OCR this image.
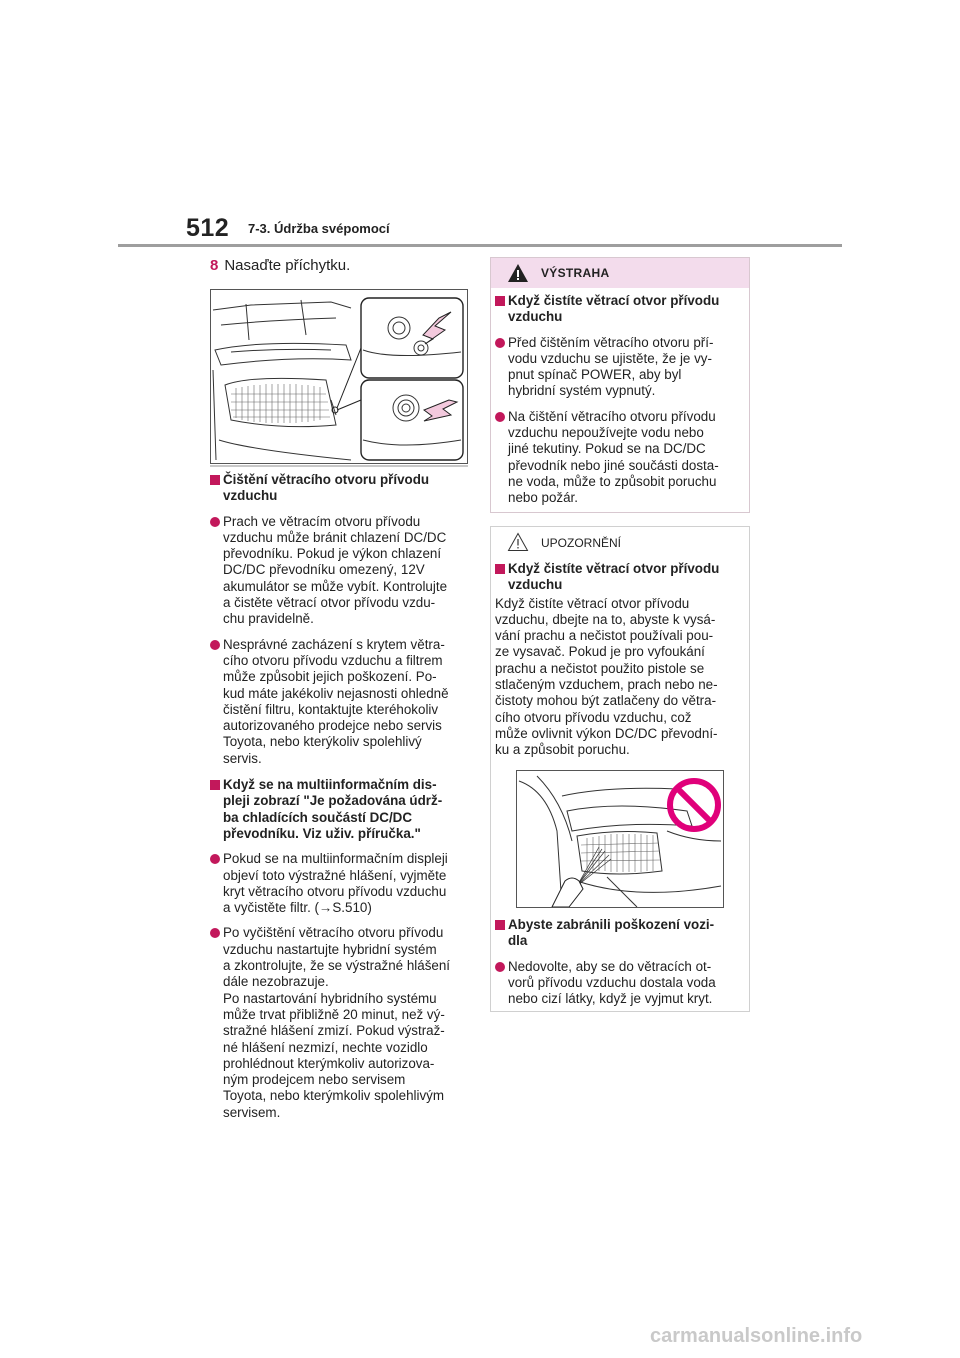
512 7-3. Údržba svépomocí
8 Nasaďte příchytku.
Čištění větracího otvoru přívodu
vzduchu
Prach ve větracím otvoru přívodu
vzduchu může bránit chlazení DC/DC
převodníku. Pokud je výkon chlazení
DC/DC převodníku omezený, 12V
akumulátor se může vybít. Kontrolujte
a čistěte větrací otvor přívodu vzdu-
chu pravidelně.
Nesprávné zacházení s krytem větra-
cího otvoru přívodu vzduchu a filtrem
může způsobit jejich poškození. Po-
kud máte jakékoliv nejasnosti ohledně
čistění filtru, kontaktujte kteréhokoliv
autorizovaného prodejce nebo servis
Toyota, nebo kterýkoliv spolehlivý
servis.
Když se na multiinformačním dis-
pleji zobrazí "Je požadována údrž-
ba chladících součástí DC/DC
převodníku. Viz uživ. příručka."
Pokud se na multiinformačním displeji
objeví toto výstražné hlášení, vyjměte
kryt větracího otvoru přívodu vzduchu
a vyčistěte filtr. (→S.510)
Po vyčištění větracího otvoru přívodu
vzduchu nastartujte hybridní systém
a zkontrolujte, že se výstražné hlášení
dále nezobrazuje.
Po nastartování hybridního systému
může trvat přibližně 20 minut, než vý-
stražné hlášení zmizí. Pokud výstraž-
né hlášení nezmizí, nechte vozidlo
prohlédnout kterýmkoliv autorizova-
ným prodejcem nebo servisem
Toyota, nebo kterýmkoliv spolehlivým
servisem.
VÝSTRAHA
Když čistíte větrací otvor přívodu
vzduchu
Před čištěním větracího otvoru pří-
vodu vzduchu se ujistěte, že je vy-
pnut spínač POWER, aby byl
hybridní systém vypnutý.
Na čištění větracího otvoru přívodu
vzduchu nepoužívejte vodu nebo
jiné tekutiny. Pokud se na DC/DC
převodník nebo jiné součásti dosta-
ne voda, může to způsobit poruchu
nebo požár.
UPOZORNĚNÍ
Když čistíte větrací otvor přívodu
vzduchu
Když čistíte větrací otvor přívodu
vzduchu, dbejte na to, abyste k vysá-
vání prachu a nečistot používali pou-
ze vysavač. Pokud je pro vyfoukání
prachu a nečistot použito pistole se
stlačeným vzduchem, prach nebo ne-
čistoty mohou být zatlačeny do větra-
cího otvoru přívodu vzduchu, což
může ovlivnit výkon DC/DC převodní-
ku a způsobit poruchu.
Abyste zabránili poškození vozi-
dla
Nedovolte, aby se do větracích ot-
vorů přívodu vzduchu dostala voda
nebo cizí látky, když je vyjmut kryt.
carmanualsonline.info
